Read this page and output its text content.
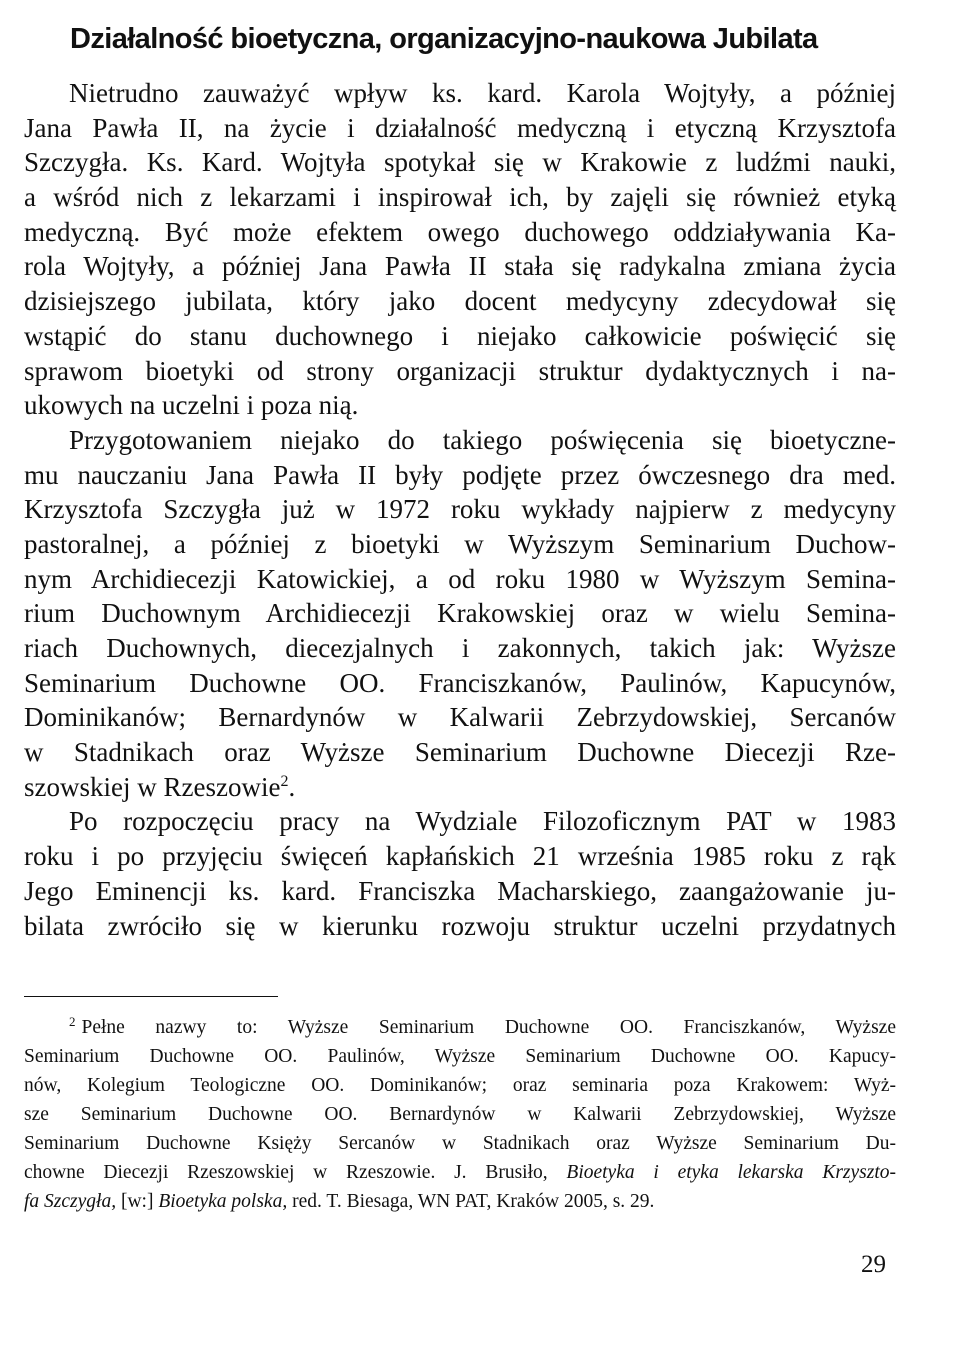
Działalność bioetyczna, organizacyjno-naukowa Jubilata
Nietrudno zauważyć wpływ ks. kard. Karola Wojtyły, a później
Jana Pawła II, na życie i działalność medyczną i etyczną Krzysztofa
Szczygła. Ks. Kard. Wojtyła spotykał się w Krakowie z ludźmi nauki,
a wśród nich z lekarzami i inspirował ich, by zajęli się również etyką
medyczną. Być może efektem owego duchowego oddziaływania Ka-
rola Wojtyły, a później Jana Pawła II stała się radykalna zmiana życia
dzisiejszego jubilata, który jako docent medycyny zdecydował się
wstąpić do stanu duchownego i niejako całkowicie poświęcić się
sprawom bioetyki od strony organizacji struktur dydaktycznych i na-
ukowych na uczelni i poza nią.
Przygotowaniem niejako do takiego poświęcenia się bioetyczne-
mu nauczaniu Jana Pawła II były podjęte przez ówczesnego dra med.
Krzysztofa Szczygła już w 1972 roku wykłady najpierw z medycyny
pastoralnej, a później z bioetyki w Wyższym Seminarium Duchow-
nym Archidiecezji Katowickiej, a od roku 1980 w Wyższym Semina-
rium Duchownym Archidiecezji Krakowskiej oraz w wielu Semina-
riach Duchownych, diecezjalnych i zakonnych, takich jak: Wyższe
Seminarium Duchowne OO. Franciszkanów, Paulinów, Kapucynów,
Dominikanów; Bernardynów w Kalwarii Zebrzydowskiej, Sercanów
w Stadnikach oraz Wyższe Seminarium Duchowne Diecezji Rze-
szowskiej w Rzeszowie$^2$.
Po rozpoczęciu pracy na Wydziale Filozoficznym PAT w 1983
roku i po przyjęciu święceń kapłańskich 21 września 1985 roku z rąk
Jego Eminencji ks. kard. Franciszka Macharskiego, zaangażowanie ju-
bilata zwróciło się w kierunku rozwoju struktur uczelni przydatnych
$^2$ Pełne nazwy to: Wyższe Seminarium Duchowne OO. Franciszkanów, Wyższe
Seminarium Duchowne OO. Paulinów, Wyższe Seminarium Duchowne OO. Kapucy-
nów, Kolegium Teologiczne OO. Dominikanów; oraz seminaria poza Krakowem: Wyż-
sze Seminarium Duchowne OO. Bernardynów w Kalwarii Zebrzydowskiej, Wyższe
Seminarium Duchowne Księży Sercanów w Stadnikach oraz Wyższe Seminarium Du-
chowne Diecezji Rzeszowskiej w Rzeszowie. J. Brusiło, Bioetyka i etyka lekarska Krzyszto-
fa Szczygła, [w:] Bioetyka polska, red. T. Biesaga, WN PAT, Kraków 2005, s. 29.
29
